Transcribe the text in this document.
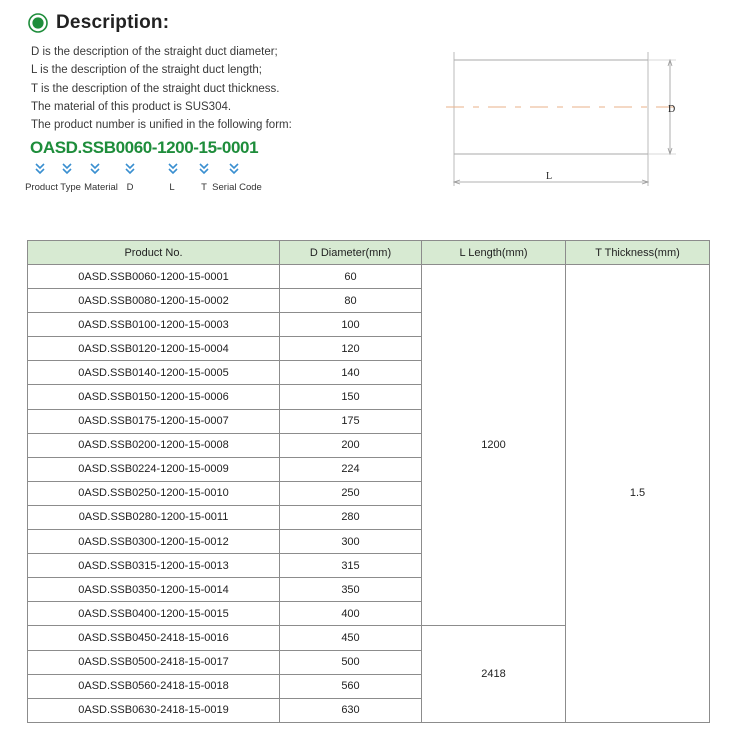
Description:
D is the description of the straight duct diameter;
L is the description of the straight duct length;
T is the description of the straight duct thickness.
The material of this product is SUS304.
The product number is unified in the following form:
OASD.SSB0060-1200-15-0001
Product Type Material D	L	T Serial Code
D
L
Product No.	D Diameter(mm)	L Length(mm)	T Thickness(mm)
0ASD.SSB0060-1200-15-0001	60	1200	1.5
0ASD.SSB0080-1200-15-0002	80		
0ASD.SSB0100-1200-15-0003	100		
0ASD.SSB0120-1200-15-0004	120		
0ASD.SSB0140-1200-15-0005	140		
0ASD.SSB0150-1200-15-0006	150		
0ASD.SSB0175-1200-15-0007	175		
0ASD.SSB0200-1200-15-0008	200		
0ASD.SSB0224-1200-15-0009	224		
0ASD.SSB0250-1200-15-0010	250		
0ASD.SSB0280-1200-15-0011	280		
0ASD.SSB0300-1200-15-0012	300		
0ASD.SSB0315-1200-15-0013	315		
0ASD.SSB0350-1200-15-0014	350		
0ASD.SSB0400-1200-15-0015	400		
0ASD.SSB0450-2418-15-0016	450	2418	
0ASD.SSB0500-2418-15-0017	500		
0ASD.SSB0560-2418-15-0018	560		
0ASD.SSB0630-2418-15-0019	630		
